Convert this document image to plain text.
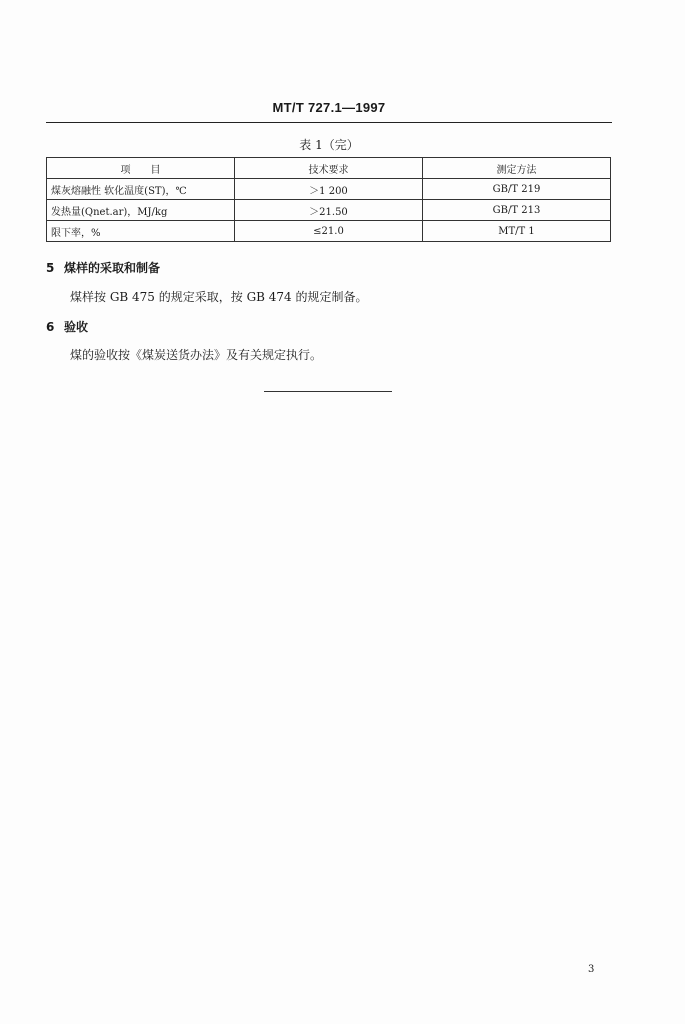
MT/T 727.1—1997
表 1（完）
项　　目	技术要求	测定方法
煤灰熔融性 软化温度(ST)，℃	＞1 200	GB/T 219
发热量(Qnet.ar)，MJ/kg	＞21.50	GB/T 213
限下率，%	≤21.0	MT/T 1
5 煤样的采取和制备
煤样按 GB 475 的规定采取，按 GB 474 的规定制备。
6 验收
煤的验收按《煤炭送货办法》及有关规定执行。
3
